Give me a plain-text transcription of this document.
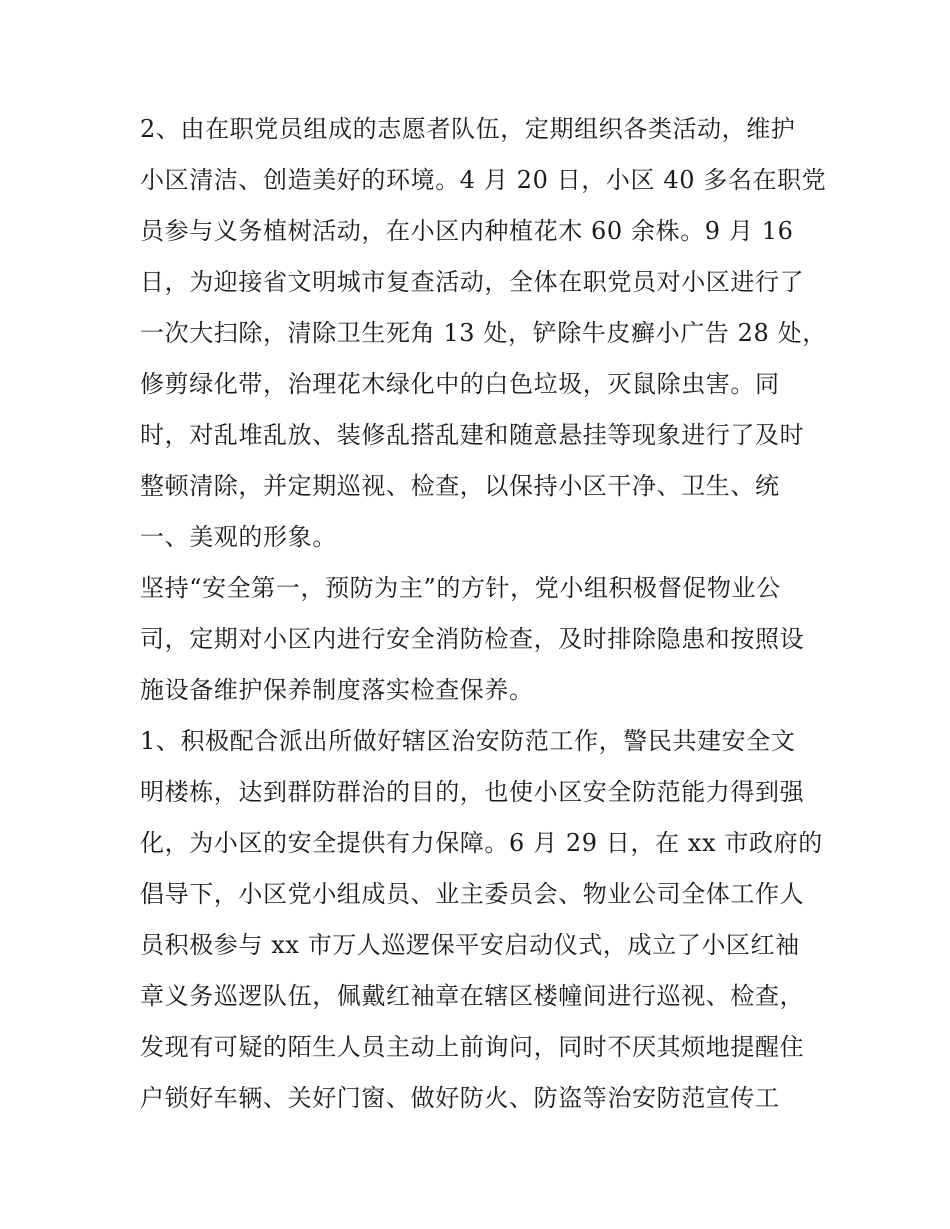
2、由在职党员组成的志愿者队伍，定期组织各类活动，维护
小区清洁、创造美好的环境。4 月 20 日，小区 40 多名在职党
员参与义务植树活动，在小区内种植花木 60 余株。9 月 16
日，为迎接省文明城市复查活动，全体在职党员对小区进行了
一次大扫除，清除卫生死角 13 处，铲除牛皮癣小广告 28 处，
修剪绿化带，治理花木绿化中的白色垃圾，灭鼠除虫害。同
时，对乱堆乱放、装修乱搭乱建和随意悬挂等现象进行了及时
整顿清除，并定期巡视、检查，以保持小区干净、卫生、统
一、美观的形象。
坚持“安全第一，预防为主”的方针，党小组积极督促物业公
司，定期对小区内进行安全消防检查，及时排除隐患和按照设
施设备维护保养制度落实检查保养。
1、积极配合派出所做好辖区治安防范工作，警民共建安全文
明楼栋，达到群防群治的目的，也使小区安全防范能力得到强
化，为小区的安全提供有力保障。6 月 29 日，在 xx 市政府的
倡导下，小区党小组成员、业主委员会、物业公司全体工作人
员积极参与 xx 市万人巡逻保平安启动仪式，成立了小区红袖
章义务巡逻队伍，佩戴红袖章在辖区楼幢间进行巡视、检查，
发现有可疑的陌生人员主动上前询问，同时不厌其烦地提醒住
户锁好车辆、关好门窗、做好防火、防盗等治安防范宣传工
